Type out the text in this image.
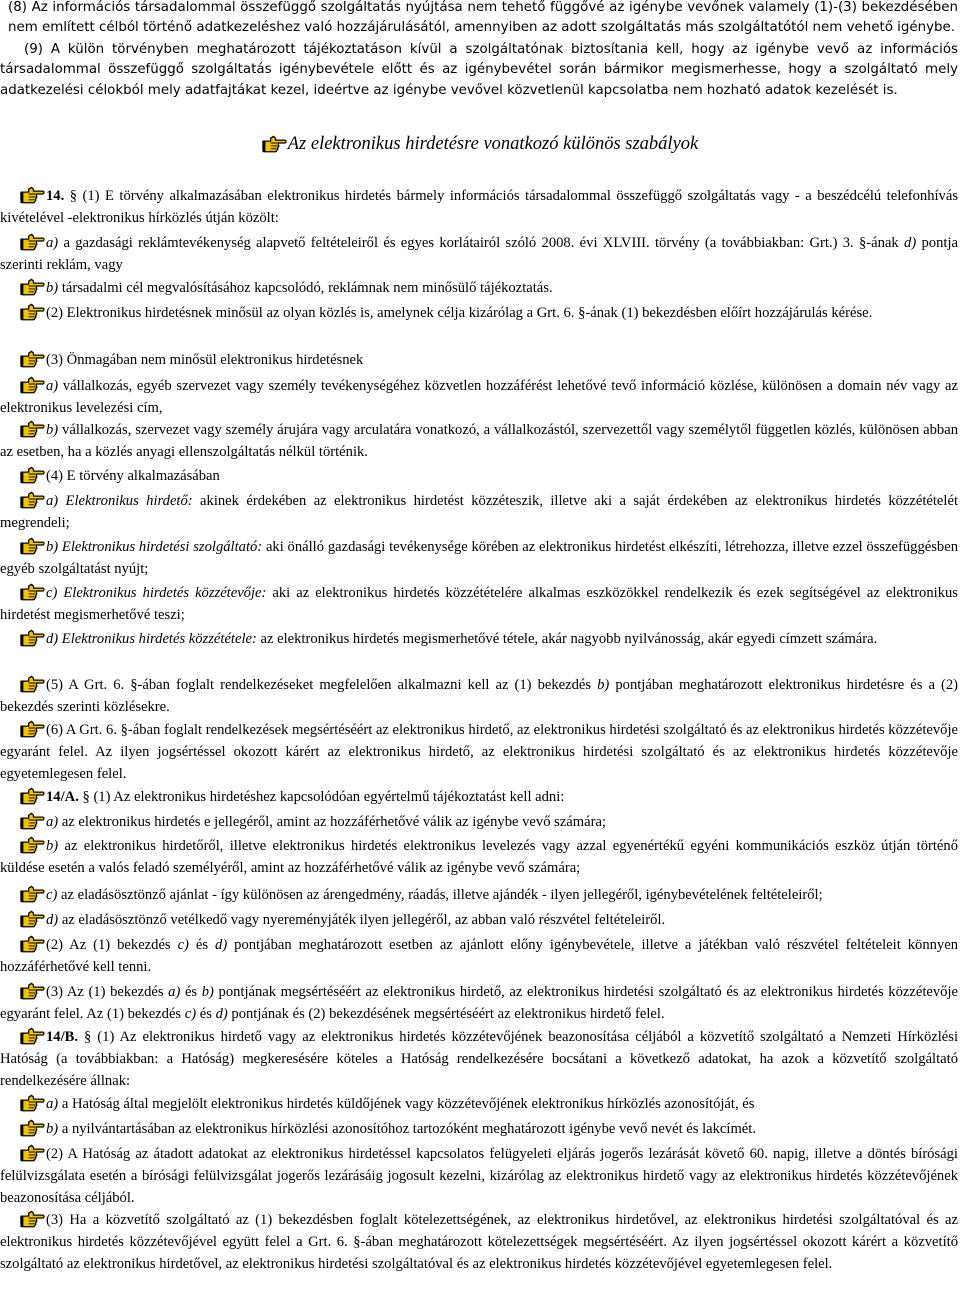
(8) Az információs társadalommal összefüggő szolgáltatás nyújtása nem tehető függővé az igénybe vevőnek valamely (1)-(3) bekezdésében nem említett célból történő adatkezeléshez való hozzájárulásától, amennyiben az adott szolgáltatás más szolgáltatótól nem vehető igénybe.

(9) A külön törvényben meghatározott tájékoztatáson kívül a szolgáltatónak biztosítania kell, hogy az igénybe vevő az információs társadalommal összefüggő szolgáltatás igénybevétele előtt és az igénybevétel során bármikor megismerhesse, hogy a szolgáltató mely adatkezelési célokból mely adatfajtákat kezel, ideértve az igénybe vevővel közvetlenül kapcsolatba nem hozható adatok kezelését is.

Az elektronikus hirdetésre vonatkozó különös szabályok

14. § (1) E törvény alkalmazásában elektronikus hirdetés bármely információs társadalommal összefüggő szolgáltatás vagy - a beszédcélú telefonhívás kivételével -elektronikus hírközlés útján közölt:

a) a gazdasági reklámtevékenység alapvető feltételeiről és egyes korlátairól szóló 2008. évi XLVIII. törvény (a továbbiakban: Grt.) 3. §-ának d) pontja szerinti reklám, vagy

b) társadalmi cél megvalósításához kapcsolódó, reklámnak nem minősülő tájékoztatás.

(2) Elektronikus hirdetésnek minősül az olyan közlés is, amelynek célja kizárólag a Grt. 6. §-ának (1) bekezdésben előírt hozzájárulás kérése.

(3) Önmagában nem minősül elektronikus hirdetésnek

a) vállalkozás, egyéb szervezet vagy személy tevékenységéhez közvetlen hozzáférést lehetővé tevő információ közlése, különösen a domain név vagy az elektronikus levelezési cím,

b) vállalkozás, szervezet vagy személy árujára vagy arculatára vonatkozó, a vállalkozástól, szervezettől vagy személytől független közlés, különösen abban az esetben, ha a közlés anyagi ellenszolgáltatás nélkül történik.

(4) E törvény alkalmazásában

a) Elektronikus hirdető: akinek érdekében az elektronikus hirdetést közzéteszik, illetve aki a saját érdekében az elektronikus hirdetés közzétételét megrendeli;

b) Elektronikus hirdetési szolgáltató: aki önálló gazdasági tevékenysége körében az elektronikus hirdetést elkészíti, létrehozza, illetve ezzel összefüggésben egyéb szolgáltatást nyújt;

c) Elektronikus hirdetés közzétevője: aki az elektronikus hirdetés közzétételére alkalmas eszközökkel rendelkezik és ezek segítségével az elektronikus hirdetést megismerhetővé teszi;

d) Elektronikus hirdetés közzététele: az elektronikus hirdetés megismerhetővé tétele, akár nagyobb nyilvánosság, akár egyedi címzett számára.

(5) A Grt. 6. §-ában foglalt rendelkezéseket megfelelően alkalmazni kell az (1) bekezdés b) pontjában meghatározott elektronikus hirdetésre és a (2) bekezdés szerinti közlésekre.

(6) A Grt. 6. §-ában foglalt rendelkezések megsértéséért az elektronikus hirdető, az elektronikus hirdetési szolgáltató és az elektronikus hirdetés közzétevője egyaránt felel. Az ilyen jogsértéssel okozott kárért az elektronikus hirdető, az elektronikus hirdetési szolgáltató és az elektronikus hirdetés közzétevője egyetemlegesen felel.

14/A. § (1) Az elektronikus hirdetéshez kapcsolódóan egyértelmű tájékoztatást kell adni:

a) az elektronikus hirdetés e jellegéről, amint az hozzáférhetővé válik az igénybe vevő számára;

b) az elektronikus hirdetőről, illetve elektronikus hirdetés elektronikus levelezés vagy azzal egyenértékű egyéni kommunikációs eszköz útján történő küldése esetén a valós feladó személyéről, amint az hozzáférhetővé válik az igénybe vevő számára;

c) az eladásösztönző ajánlat - így különösen az árengedmény, ráadás, illetve ajándék - ilyen jellegéről, igénybevételének feltételeiről;

d) az eladásösztönző vetélkedő vagy nyereményjáték ilyen jellegéről, az abban való részvétel feltételeiről.

(2) Az (1) bekezdés c) és d) pontjában meghatározott esetben az ajánlott előny igénybevétele, illetve a játékban való részvétel feltételeit könnyen hozzáférhetővé kell tenni.

(3) Az (1) bekezdés a) és b) pontjának megsértéséért az elektronikus hirdető, az elektronikus hirdetési szolgáltató és az elektronikus hirdetés közzétevője egyaránt felel. Az (1) bekezdés c) és d) pontjának és (2) bekezdésének megsértéséért az elektronikus hirdető felel.

14/B. § (1) Az elektronikus hirdető vagy az elektronikus hirdetés közzétevőjének beazonosítása céljából a közvetítő szolgáltató a Nemzeti Hírközlési Hatóság (a továbbiakban: a Hatóság) megkeresésére köteles a Hatóság rendelkezésére bocsátani a következő adatokat, ha azok a közvetítő szolgáltató rendelkezésére állnak:

a) a Hatóság által megjelölt elektronikus hirdetés küldőjének vagy közzétevőjének elektronikus hírközlés azonosítóját, és

b) a nyilvántartásában az elektronikus hírközlési azonosítóhoz tartozóként meghatározott igénybe vevő nevét és lakcímét.

(2) A Hatóság az átadott adatokat az elektronikus hirdetéssel kapcsolatos felügyeleti eljárás jogerős lezárását követő 60. napig, illetve a döntés bírósági felülvizsgálata esetén a bírósági felülvizsgálat jogerős lezárásáig jogosult kezelni, kizárólag az elektronikus hirdető vagy az elektronikus hirdetés közzétevőjének beazonosítása céljából.

(3) Ha a közvetítő szolgáltató az (1) bekezdésben foglalt kötelezettségének, az elektronikus hirdetővel, az elektronikus hirdetési szolgáltatóval és az elektronikus hirdetés közzétevőjével együtt felel a Grt. 6. §-ában meghatározott kötelezettségek megsértéséért. Az ilyen jogsértéssel okozott kárért a közvetítő szolgáltató az elektronikus hirdetővel, az elektronikus hirdetési szolgáltatóval és az elektronikus hirdetés közzétevőjével egyetemlegesen felel.
